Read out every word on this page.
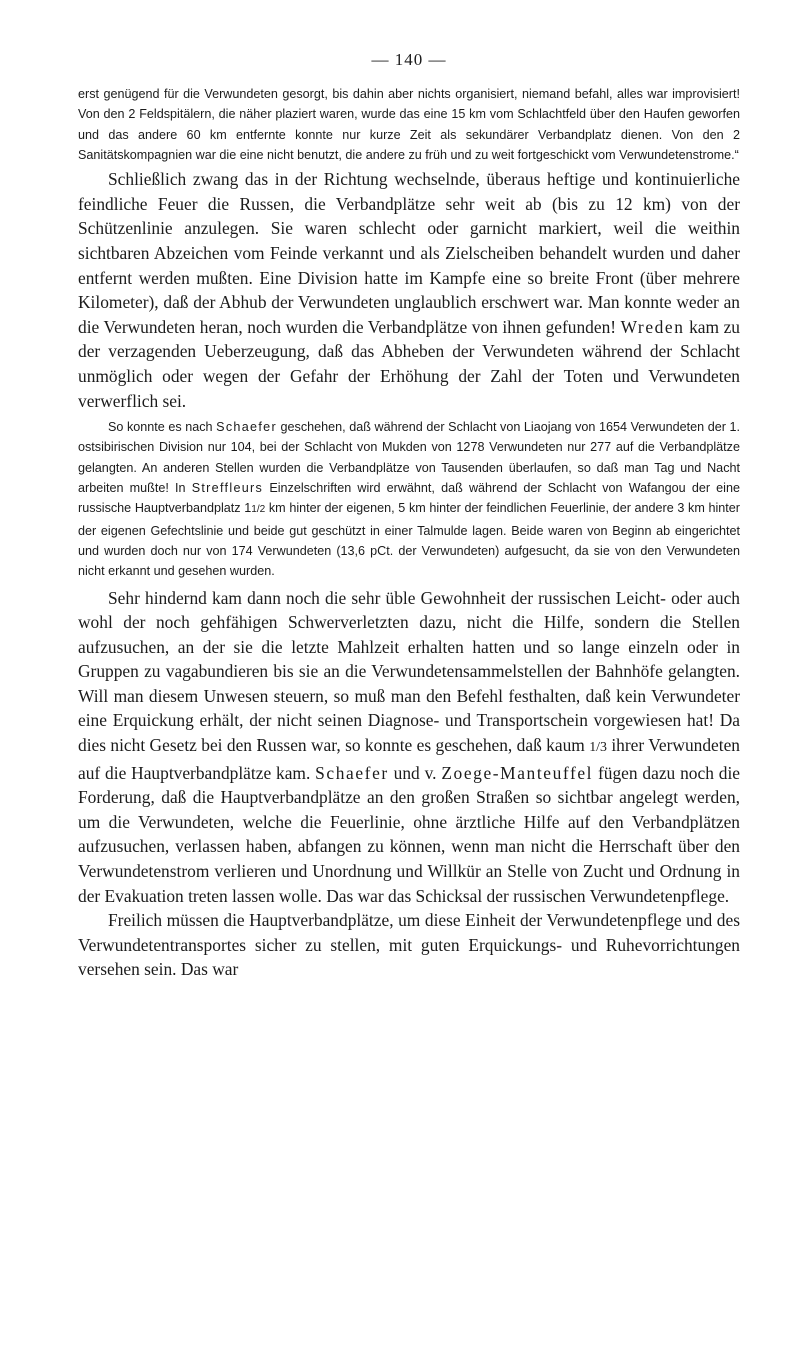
— 140 —

erst genügend für die Verwundeten gesorgt, bis dahin aber nichts organisiert, niemand befahl, alles war improvisiert! Von den 2 Feldspitälern, die näher plaziert waren, wurde das eine 15 km vom Schlachtfeld über den Haufen geworfen und das andere 60 km entfernte konnte nur kurze Zeit als sekundärer Verbandplatz dienen. Von den 2 Sanitätskompagnien war die eine nicht benutzt, die andere zu früh und zu weit fortgeschickt vom Verwundetenstrome.“

Schließlich zwang das in der Richtung wechselnde, überaus heftige und kontinuierliche feindliche Feuer die Russen, die Verbandplätze sehr weit ab (bis zu 12 km) von der Schützenlinie anzulegen. Sie waren schlecht oder garnicht markiert, weil die weithin sichtbaren Abzeichen vom Feinde verkannt und als Zielscheiben behandelt wurden und daher entfernt werden mußten. Eine Division hatte im Kampfe eine so breite Front (über mehrere Kilometer), daß der Abhub der Verwundeten unglaublich erschwert war. Man konnte weder an die Verwundeten heran, noch wurden die Verbandplätze von ihnen gefunden! Wreden kam zu der verzagenden Ueberzeugung, daß das Abheben der Verwundeten während der Schlacht unmöglich oder wegen der Gefahr der Erhöhung der Zahl der Toten und Verwundeten verwerflich sei.

So konnte es nach Schaefer geschehen, daß während der Schlacht von Liaojang von 1654 Verwundeten der 1. ostsibirischen Division nur 104, bei der Schlacht von Mukden von 1278 Verwundeten nur 277 auf die Verbandplätze gelangten. An anderen Stellen wurden die Verbandplätze von Tausenden überlaufen, so daß man Tag und Nacht arbeiten mußte! In Streffleurs Einzelschriften wird erwähnt, daß während der Schlacht von Wafangou der eine russische Hauptverbandplatz 11/2 km hinter der eigenen, 5 km hinter der feindlichen Feuerlinie, der andere 3 km hinter der eigenen Gefechtslinie und beide gut geschützt in einer Talmulde lagen. Beide waren von Beginn ab eingerichtet und wurden doch nur von 174 Verwundeten (13,6 pCt. der Verwundeten) aufgesucht, da sie von den Verwundeten nicht erkannt und gesehen wurden.

Sehr hindernd kam dann noch die sehr üble Gewohnheit der russischen Leicht- oder auch wohl der noch gehfähigen Schwerverletzten dazu, nicht die Hilfe, sondern die Stellen aufzusuchen, an der sie die letzte Mahlzeit erhalten hatten und so lange einzeln oder in Gruppen zu vagabundieren bis sie an die Verwundetensammelstellen der Bahnhöfe gelangten. Will man diesem Unwesen steuern, so muß man den Befehl festhalten, daß kein Verwundeter eine Erquickung erhält, der nicht seinen Diagnose- und Transportschein vorgewiesen hat! Da dies nicht Gesetz bei den Russen war, so konnte es geschehen, daß kaum 1/3 ihrer Verwundeten auf die Hauptverbandplätze kam. Schaefer und v. Zoege-Manteuffel fügen dazu noch die Forderung, daß die Hauptverbandplätze an den großen Straßen so sichtbar angelegt werden, um die Verwundeten, welche die Feuerlinie, ohne ärztliche Hilfe auf den Verbandplätzen aufzusuchen, verlassen haben, abfangen zu können, wenn man nicht die Herrschaft über den Verwundetenstrom verlieren und Unordnung und Willkür an Stelle von Zucht und Ordnung in der Evakuation treten lassen wolle. Das war das Schicksal der russischen Verwundetenpflege.

Freilich müssen die Hauptverbandplätze, um diese Einheit der Verwundetenpflege und des Verwundetentransportes sicher zu stellen, mit guten Erquickungs- und Ruhevorrichtungen versehen sein. Das war
